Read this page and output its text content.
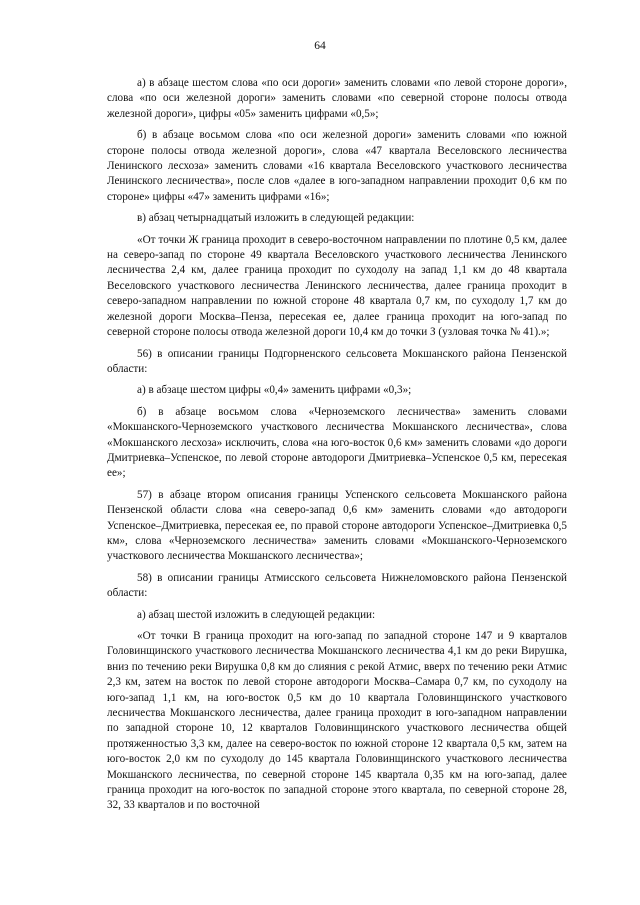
64

а) в абзаце шестом слова «по оси дороги» заменить словами «по левой стороне дороги», слова «по оси железной дороги» заменить словами «по северной стороне полосы отвода железной дороги», цифры «05» заменить цифрами «0,5»;

б) в абзаце восьмом слова «по оси железной дороги» заменить словами «по южной стороне полосы отвода железной дороги», слова «47 квартала Веселовского лесничества Ленинского лесхоза» заменить словами «16 квартала Веселовского участкового лесничества Ленинского лесничества», после слов «далее в юго-западном направлении проходит 0,6 км по стороне» цифры «47» заменить цифрами «16»;

в) абзац четырнадцатый изложить в следующей редакции:

«От точки Ж граница проходит в северо-восточном направлении по плотине 0,5 км, далее на северо-запад по стороне 49 квартала Веселовского участкового лесничества Ленинского лесничества 2,4 км, далее граница проходит по суходолу на запад 1,1 км до 48 квартала Веселовского участкового лесничества Ленинского лесничества, далее граница проходит в северо-западном направлении по южной стороне 48 квартала 0,7 км, по суходолу 1,7 км до железной дороги Москва–Пенза, пересекая ее, далее граница проходит на юго-запад по северной стороне полосы отвода железной дороги 10,4 км до точки З (узловая точка № 41).»;

56) в описании границы Подгорненского сельсовета Мокшанского района Пензенской области:

а) в абзаце шестом цифры «0,4» заменить цифрами «0,3»;

б) в абзаце восьмом слова «Черноземского лесничества» заменить словами «Мокшанского-Черноземского участкового лесничества Мокшанского лесничества», слова «Мокшанского лесхоза» исключить, слова «на юго-восток 0,6 км» заменить словами «до дороги Дмитриевка–Успенское, по левой стороне автодороги Дмитриевка–Успенское 0,5 км, пересекая ее»;

57) в абзаце втором описания границы Успенского сельсовета Мокшанского района Пензенской области слова «на северо-запад 0,6 км» заменить словами «до автодороги Успенское–Дмитриевка, пересекая ее, по правой стороне автодороги Успенское–Дмитриевка 0,5 км», слова «Черноземского лесничества» заменить словами «Мокшанского-Черноземского участкового лесничества Мокшанского лесничества»;

58) в описании границы Атмисского сельсовета Нижнеломовского района Пензенской области:

а) абзац шестой изложить в следующей редакции:

«От точки В граница проходит на юго-запад по западной стороне 147 и 9 кварталов Головинщинского участкового лесничества Мокшанского лесничества 4,1 км до реки Вирушка, вниз по течению реки Вирушка 0,8 км до слияния с рекой Атмис, вверх по течению реки Атмис 2,3 км, затем на восток по левой стороне автодороги Москва–Самара 0,7 км, по суходолу на юго-запад 1,1 км, на юго-восток 0,5 км до 10 квартала Головинщинского участкового лесничества Мокшанского лесничества, далее граница проходит в юго-западном направлении по западной стороне 10, 12 кварталов Головинщинского участкового лесничества общей протяженностью 3,3 км, далее на северо-восток по южной стороне 12 квартала 0,5 км, затем на юго-восток 2,0 км по суходолу до 145 квартала Головинщинского участкового лесничества Мокшанского лесничества, по северной стороне 145 квартала 0,35 км на юго-запад, далее граница проходит на юго-восток по западной стороне этого квартала, по северной стороне 28, 32, 33 кварталов и по восточной
